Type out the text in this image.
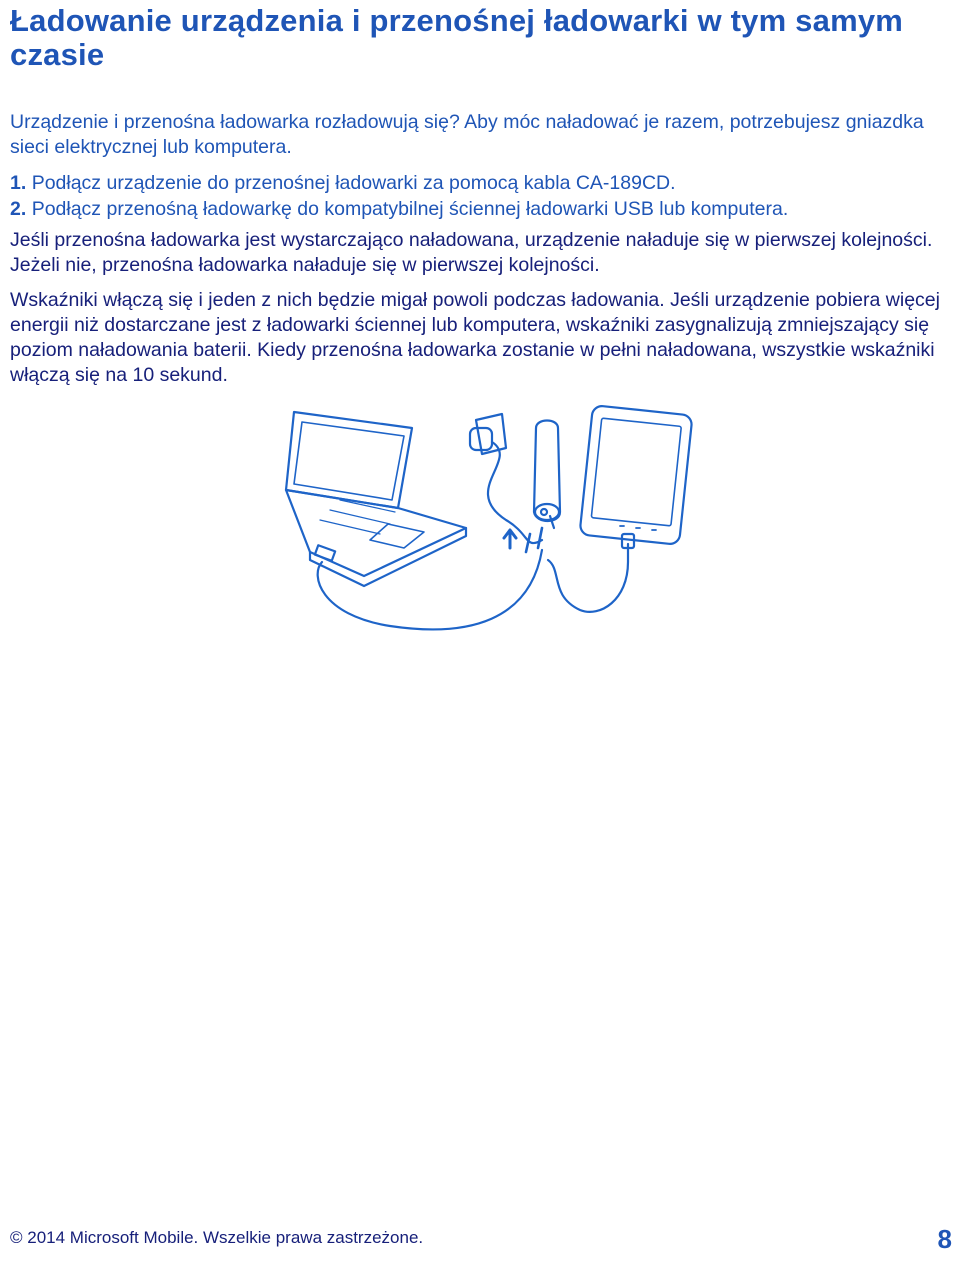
Ładowanie urządzenia i przenośnej ładowarki w tym samym czasie

Urządzenie i przenośna ładowarka rozładowują się? Aby móc naładować je razem, potrzebujesz gniazdka sieci elektrycznej lub komputera.

1. Podłącz urządzenie do przenośnej ładowarki za pomocą kabla CA-189CD.
2. Podłącz przenośną ładowarkę do kompatybilnej ściennej ładowarki USB lub komputera.

Jeśli przenośna ładowarka jest wystarczająco naładowana, urządzenie naładuje się w pierwszej kolejności. Jeżeli nie, przenośna ładowarka naładuje się w pierwszej kolejności.

Wskaźniki włączą się i jeden z nich będzie migał powoli podczas ładowania. Jeśli urządzenie pobiera więcej energii niż dostarczane jest z ładowarki ściennej lub komputera, wskaźniki zasygnalizują zmniejszający się poziom naładowania baterii. Kiedy przenośna ładowarka zostanie w pełni naładowana, wszystkie wskaźniki włączą się na 10 sekund.

© 2014 Microsoft Mobile. Wszelkie prawa zastrzeżone.	8
